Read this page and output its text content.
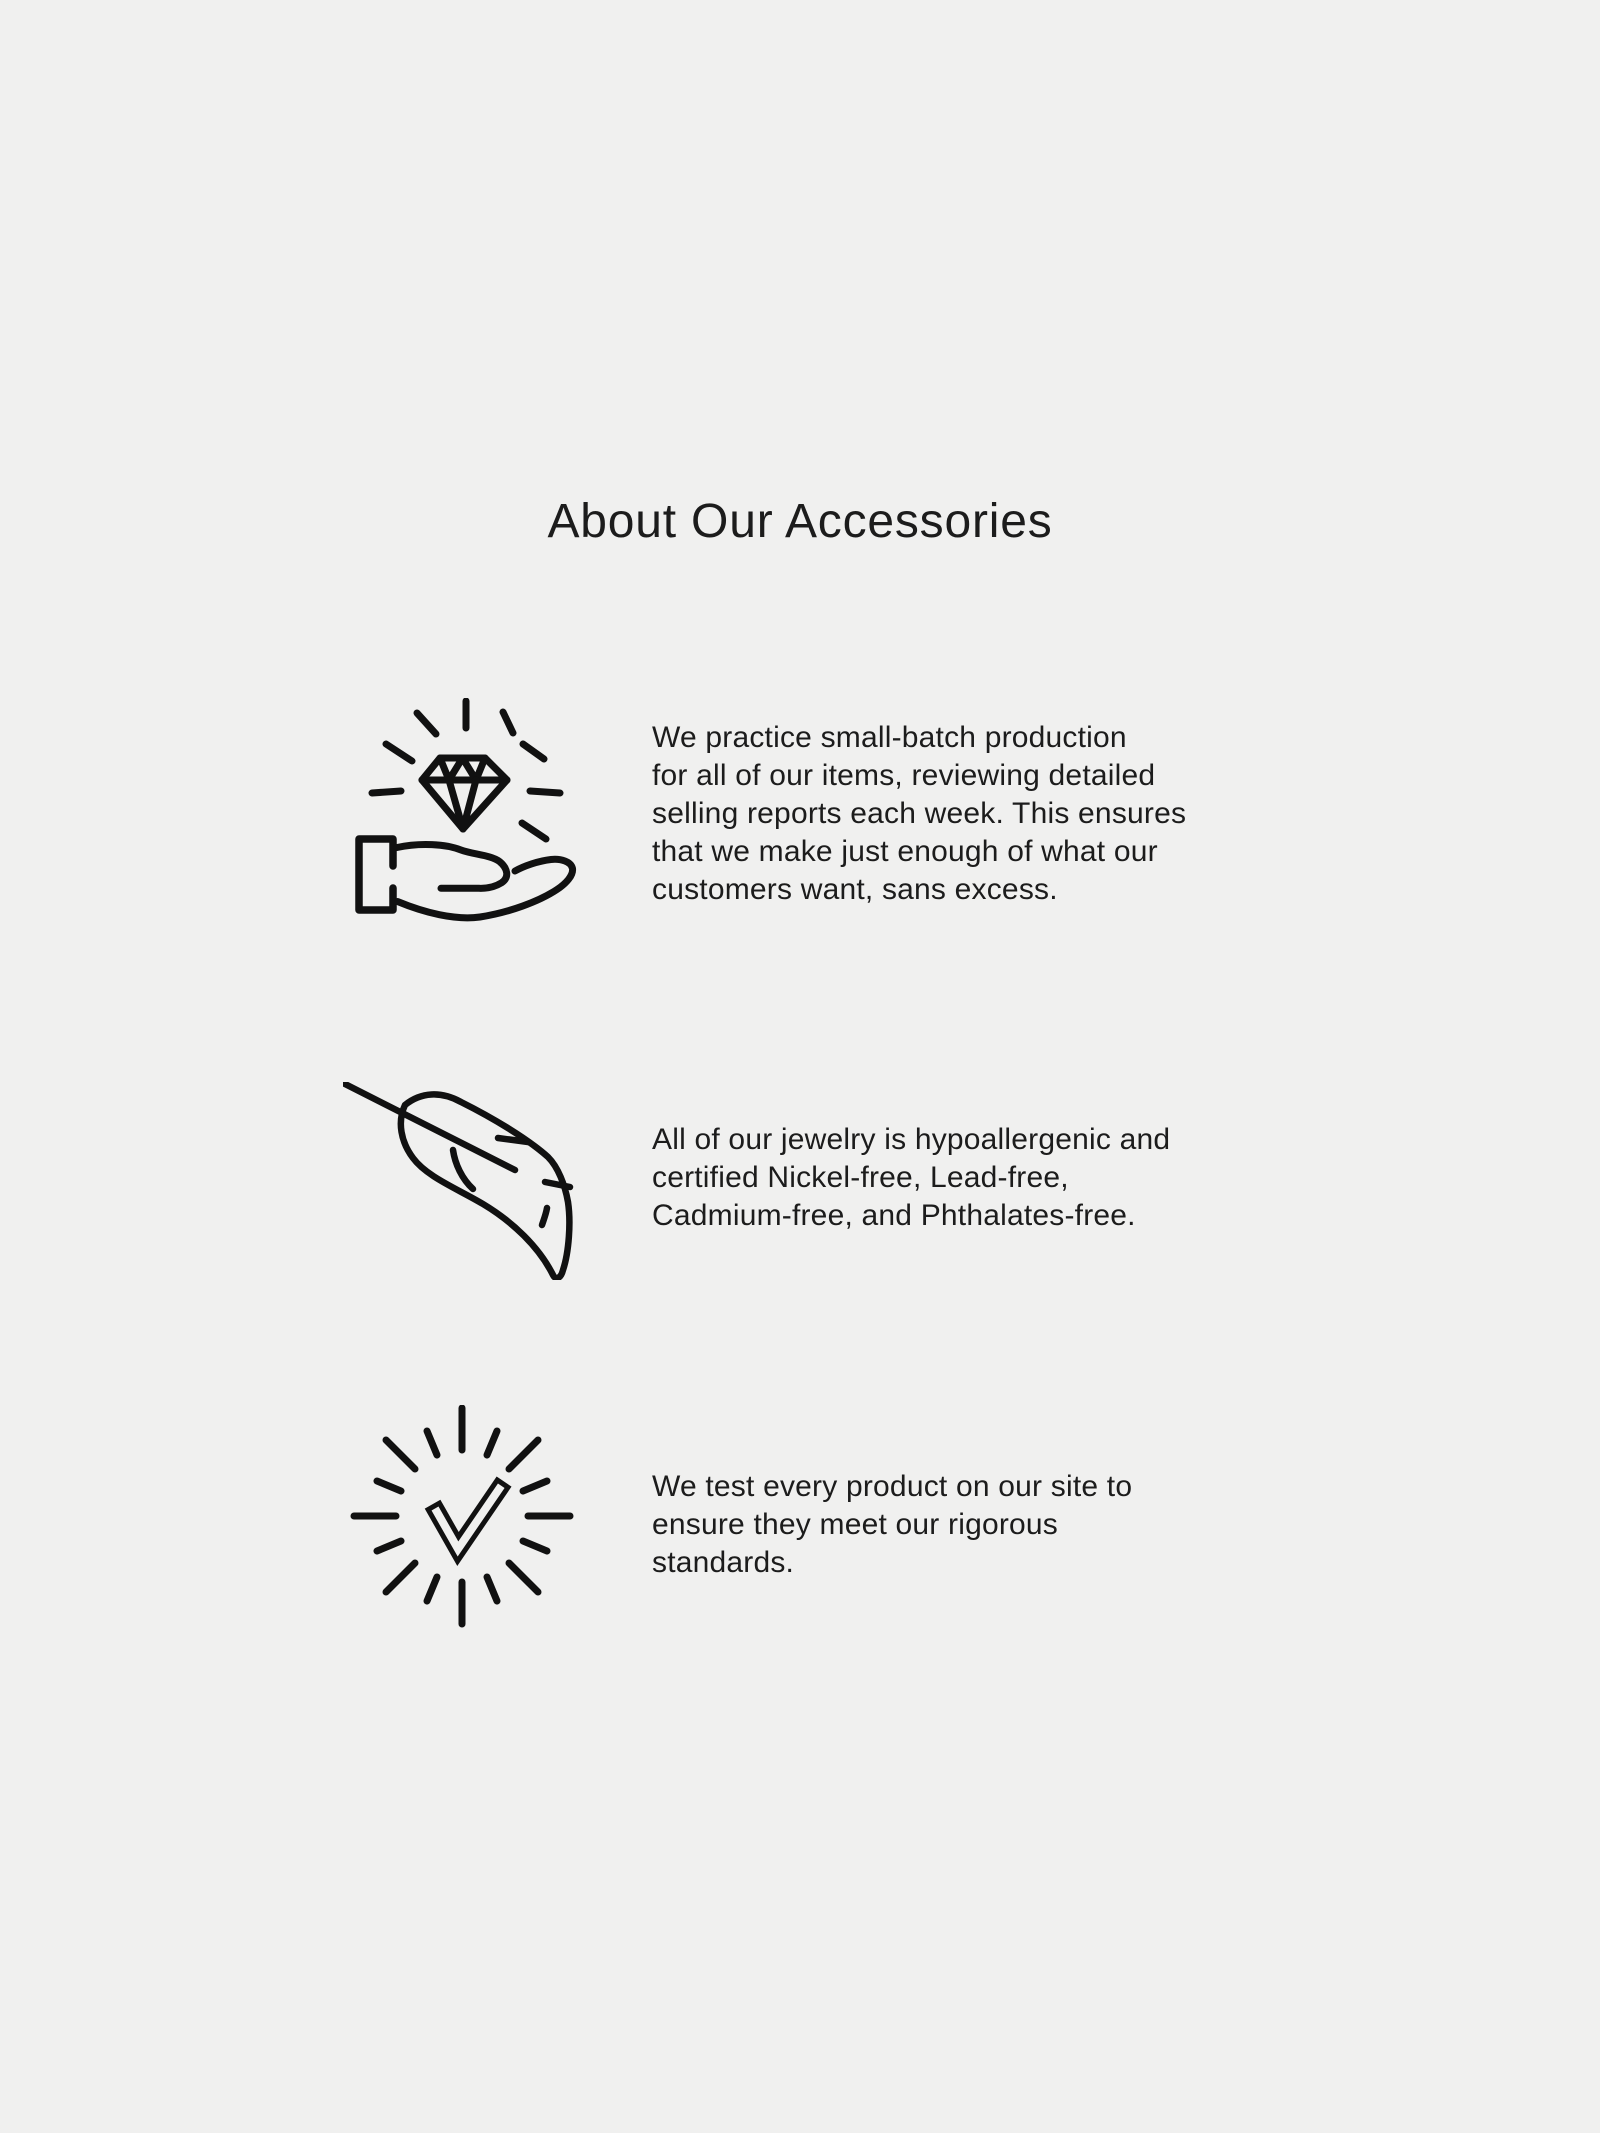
About Our Accessories
We practice small-batch production
for all of our items, reviewing detailed
selling reports each week. This ensures
that we make just enough of what our
customers want, sans excess.
All of our jewelry is hypoallergenic and
certified Nickel-free, Lead-free,
Cadmium-free, and Phthalates-free.
We test every product on our site to
ensure they meet our rigorous
standards.
